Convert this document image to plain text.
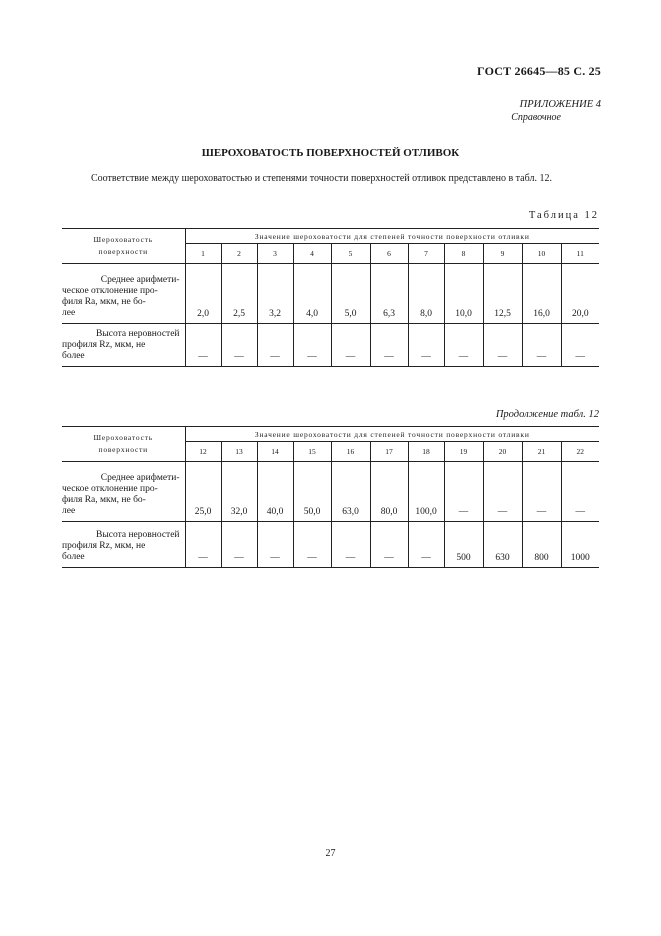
ГОСТ 26645—85 С. 25
ПРИЛОЖЕНИЕ 4
Справочное
ШЕРОХОВАТОСТЬ ПОВЕРХНОСТЕЙ ОТЛИВОК
Соответствие между шероховатостью и степенями точности поверхностей отливок представлено в табл. 12.
Таблица 12
Шероховатость
поверхности	Значение шероховатости для степеней точности поверхности отливки										
	1	2	3	4	5	6	7	8	9	10	11

Среднее арифмети-
ческое отклонение про-
филя Ra, мкм, не бо-
лее	2,0	2,5	3,2	4,0	5,0	6,3	8,0	10,0	12,5	16,0	20,0

Высота неровностей
профиля Rz, мкм, не
более	—	—	—	—	—	—	—	—	—	—	—
Продолжение табл. 12
Шероховатость
поверхности	Значение шероховатости для степеней точности поверхности отливки										
	12	13	14	15	16	17	18	19	20	21	22

Среднее арифмети-
ческое отклонение про-
филя Ra, мкм, не бо-
лее	25,0	32,0	40,0	50,0	63,0	80,0	100,0	—	—	—	—

Высота неровностей
профиля Rz, мкм, не
более	—	—	—	—	—	—	—	500	630	800	1000
27
